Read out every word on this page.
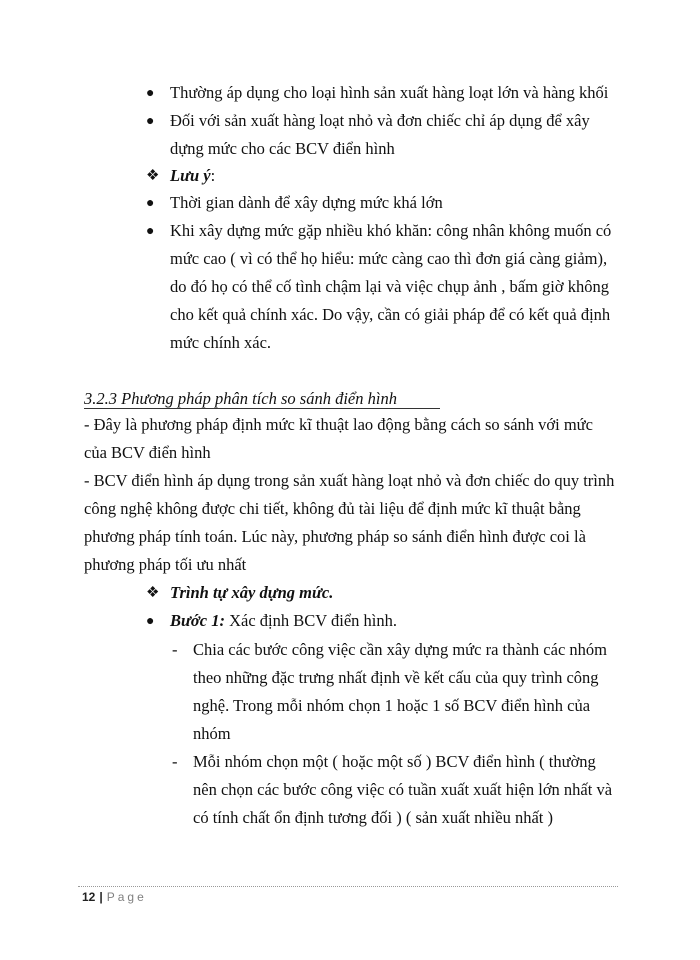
● Thường áp dụng cho loại hình sản xuất hàng loạt lớn và hàng khối
● Đối với sản xuất hàng loạt nhỏ và đơn chiếc chỉ áp dụng để xây
dựng mức cho các BCV điển hình
❖ Lưu ý:
● Thời gian dành để xây dựng mức khá lớn
● Khi xây dựng mức gặp nhiều khó khăn: công nhân không muốn có
mức cao ( vì có thể họ hiểu: mức càng cao thì đơn giá càng giảm),
do đó họ có thể cố tình chậm lại và việc chụp ảnh , bấm giờ không
cho kết quả chính xác. Do vậy, cần có giải pháp để có kết quả định
mức chính xác.
3.2.3 Phương pháp phân tích so sánh điển hình
- Đây là phương pháp định mức kĩ thuật lao động bằng cách so sánh với mức
của BCV điển hình
- BCV điển hình áp dụng trong sản xuất hàng loạt nhỏ và đơn chiếc do quy trình
công nghệ không được chi tiết, không đủ tài liệu để định mức kĩ thuật bằng
phương pháp tính toán. Lúc này, phương pháp so sánh điển hình được coi là
phương pháp tối ưu nhất
❖ Trình tự xây dựng mức.
● Bước 1: Xác định BCV điển hình.
- Chia các bước công việc cần xây dựng mức ra thành các nhóm
theo những đặc trưng nhất định về kết cấu của quy trình công
nghệ. Trong mỗi nhóm chọn 1 hoặc 1 số BCV điển hình của
nhóm
- Mỗi nhóm chọn một ( hoặc một số ) BCV điển hình ( thường
nên chọn các bước công việc có tuần xuất xuất hiện lớn nhất và
có tính chất ổn định tương đối ) ( sản xuất nhiều nhất )
12 | Page
